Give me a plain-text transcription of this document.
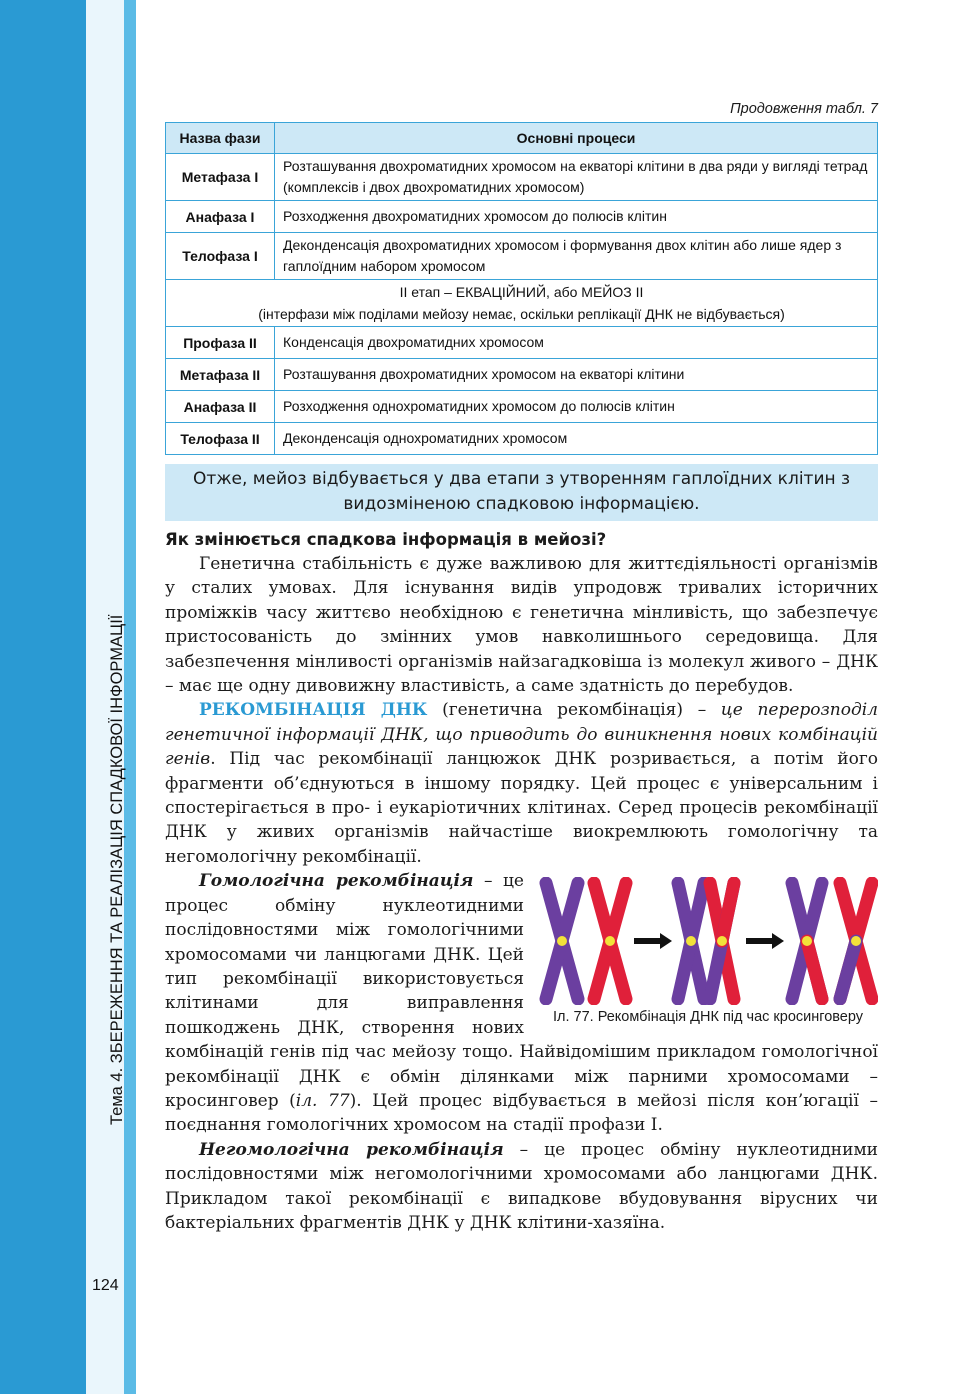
Тема 4. ЗБЕРЕЖЕННЯ ТА РЕАЛІЗАЦІЯ СПАДКОВОЇ ІНФОРМАЦІЇ
124
Продовження табл. 7
Назва фази	Основні процеси
Метафаза І	Розташування двохроматидних хромосом на екваторі клітини в два ряди у вигляді тетрад (комплексів і двох двохроматидних хромосом)
Анафаза І	Розходження двохроматидних хромосом до полюсів клітин
Телофаза І	Деконденсація двохроматидних хромосом і формування двох клітин або лише ядер з гаплоїдним набором хромосом

ІІ етап – ЕКВАЦІЙНИЙ, або МЕЙОЗ ІІ
(інтерфази між поділами мейозу немає, оскільки реплікації ДНК не відбувається)	

Профаза ІІ	Конденсація двохроматидних хромосом
Метафаза ІІ	Розташування двохроматидних хромосом на екваторі клітини
Анафаза ІІ	Розходження однохроматидних хромосом до полюсів клітин
Телофаза ІІ	Деконденсація однохроматидних хромосом
Отже, мейоз відбувається у два етапи з утворенням гаплоїдних клітин з видозміненою спадковою інформацією.
Як змінюється спадкова інформація в мейозі?

Генетична стабільність є дуже важливою для життєдіяльності організмів у сталих умовах. Для існування видів упродовж тривалих історичних проміжків часу життєво необхідною є генетична мінливість, що забезпечує пристосованість до змінних умов навколишнього середовища. Для забезпечення мінливості організмів найзагадковіша із молекул живого – ДНК – має ще одну дивовижну властивість, а саме здатність до перебудов.

РЕКОМБІНАЦІЯ ДНК (генетична рекомбінація) – це перерозподіл генетичної інформації ДНК, що приводить до виникнення нових комбінацій генів. Під час рекомбінації ланцюжок ДНК розривається, а потім його фрагменти об’єднуються в іншому порядку. Цей процес є універсальним і спостерігається в про- і еукаріотичних клітинах. Серед процесів рекомбінації ДНК у живих організмів найчастіше виокремлюють гомологічну та негомологічну рекомбінації.

Іл. 77. Рекомбінація ДНК під час кросинговеру

Гомологічна рекомбінація – це процес обміну нуклеотидними послідовностями між гомологічними хромосомами чи ланцюгами ДНК. Цей тип рекомбінації використовується клітинами для виправлення пошкоджень ДНК, створення нових комбінацій генів під час мейозу тощо. Найвідомішим прикладом гомологічної рекомбінації ДНК є обмін ділянками між парними хромосомами – кросинговер (іл. 77). Цей процес відбувається в мейозі після кон’югації – поєднання гомологічних хромосом на стадії профази І.

Негомологічна рекомбінація – це процес обміну нуклеотидними послідовностями між негомологічними хромосомами або ланцюгами ДНК. Прикладом такої рекомбінації є випадкове вбудовування вірусних чи бактеріальних фрагментів ДНК у ДНК клітини-хазяїна.
